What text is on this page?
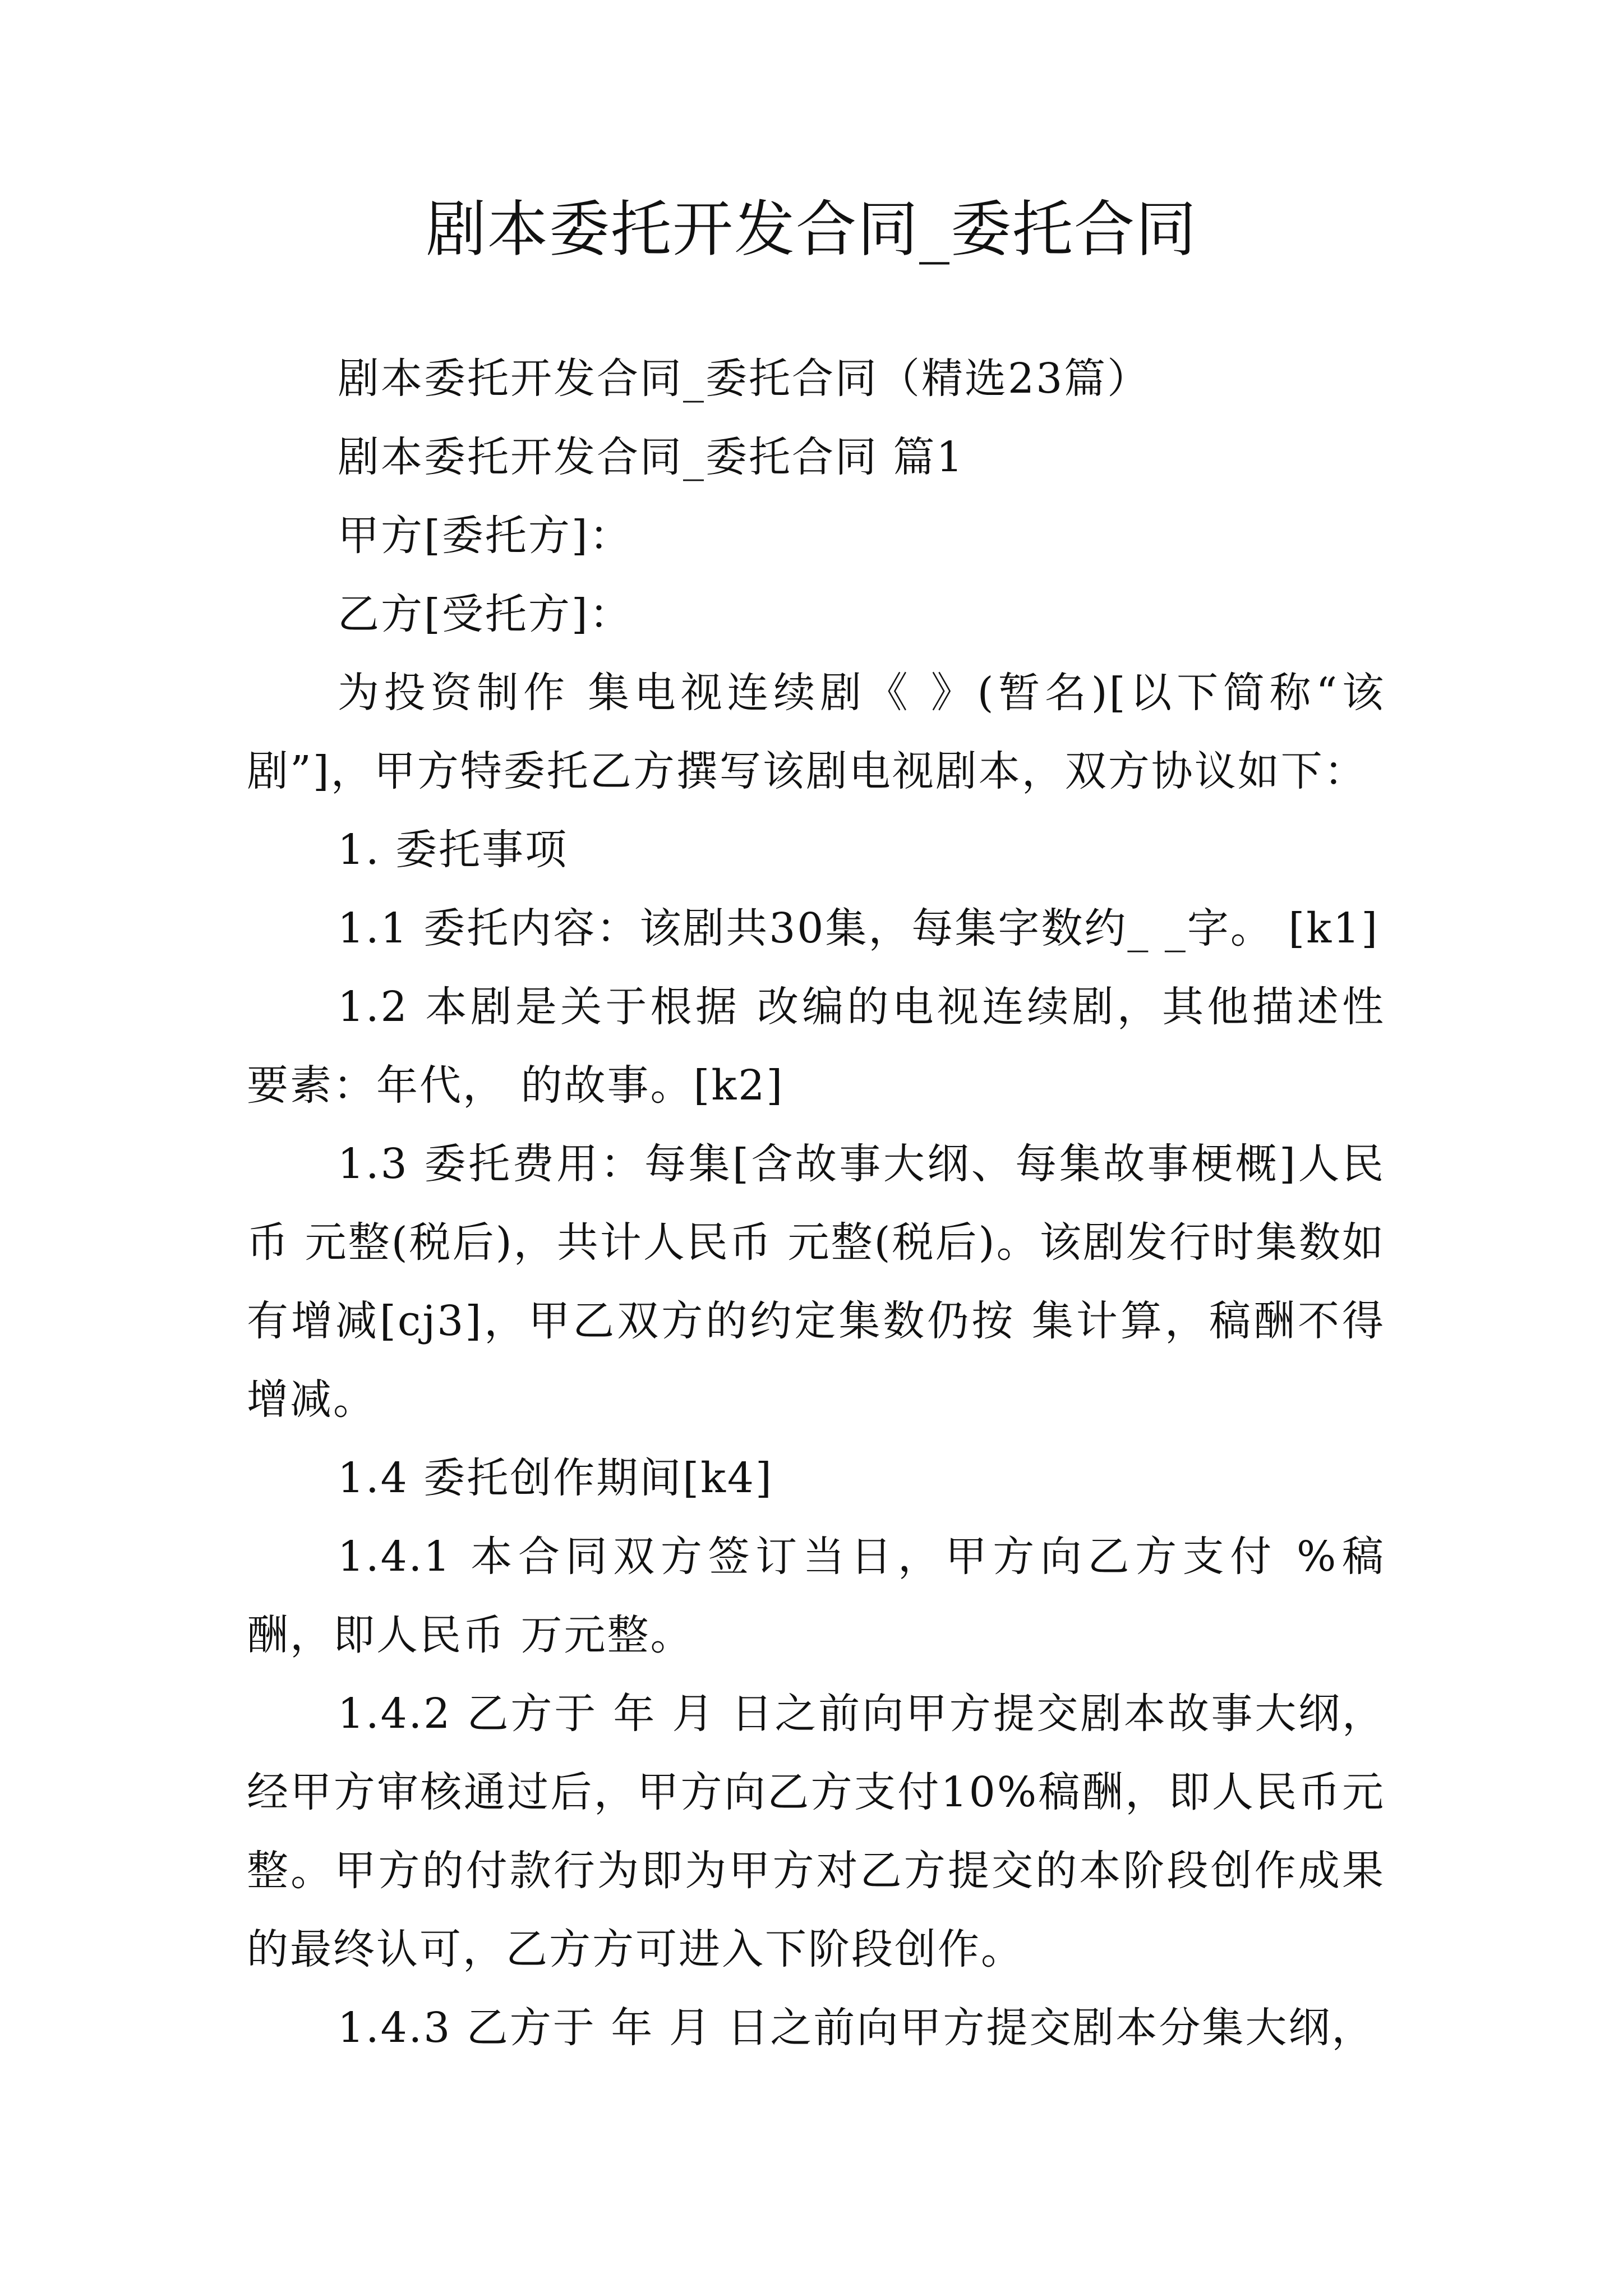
剧本委托开发合同_委托合同

剧本委托开发合同_委托合同（精选23篇）

剧本委托开发合同_委托合同 篇1

甲方[委托方]：

乙方[受托方]：

为投资制作 集电视连续剧《 》(暂名)[以下简称“该剧”]，甲方特委托乙方撰写该剧电视剧本，双方协议如下：

1. 委托事项

1.1 委托内容：该剧共30集，每集字数约_ _字。 [k1]

1.2 本剧是关于根据 改编的电视连续剧，其他描述性要素：年代， 的故事。[k2]

1.3 委托费用：每集[含故事大纲、每集故事梗概]人民币 元整(税后)，共计人民币 元整(税后)。该剧发行时集数如有增减[cj3]，甲乙双方的约定集数仍按 集计算，稿酬不得增减。

1.4 委托创作期间[k4]

1.4.1 本合同双方签订当日，甲方向乙方支付 %稿酬，即人民币 万元整。

1.4.2 乙方于 年 月 日之前向甲方提交剧本故事大纲，经甲方审核通过后，甲方向乙方支付10%稿酬，即人民币元整。甲方的付款行为即为甲方对乙方提交的本阶段创作成果的最终认可，乙方方可进入下阶段创作。

1.4.3 乙方于 年 月 日之前向甲方提交剧本分集大纲，
